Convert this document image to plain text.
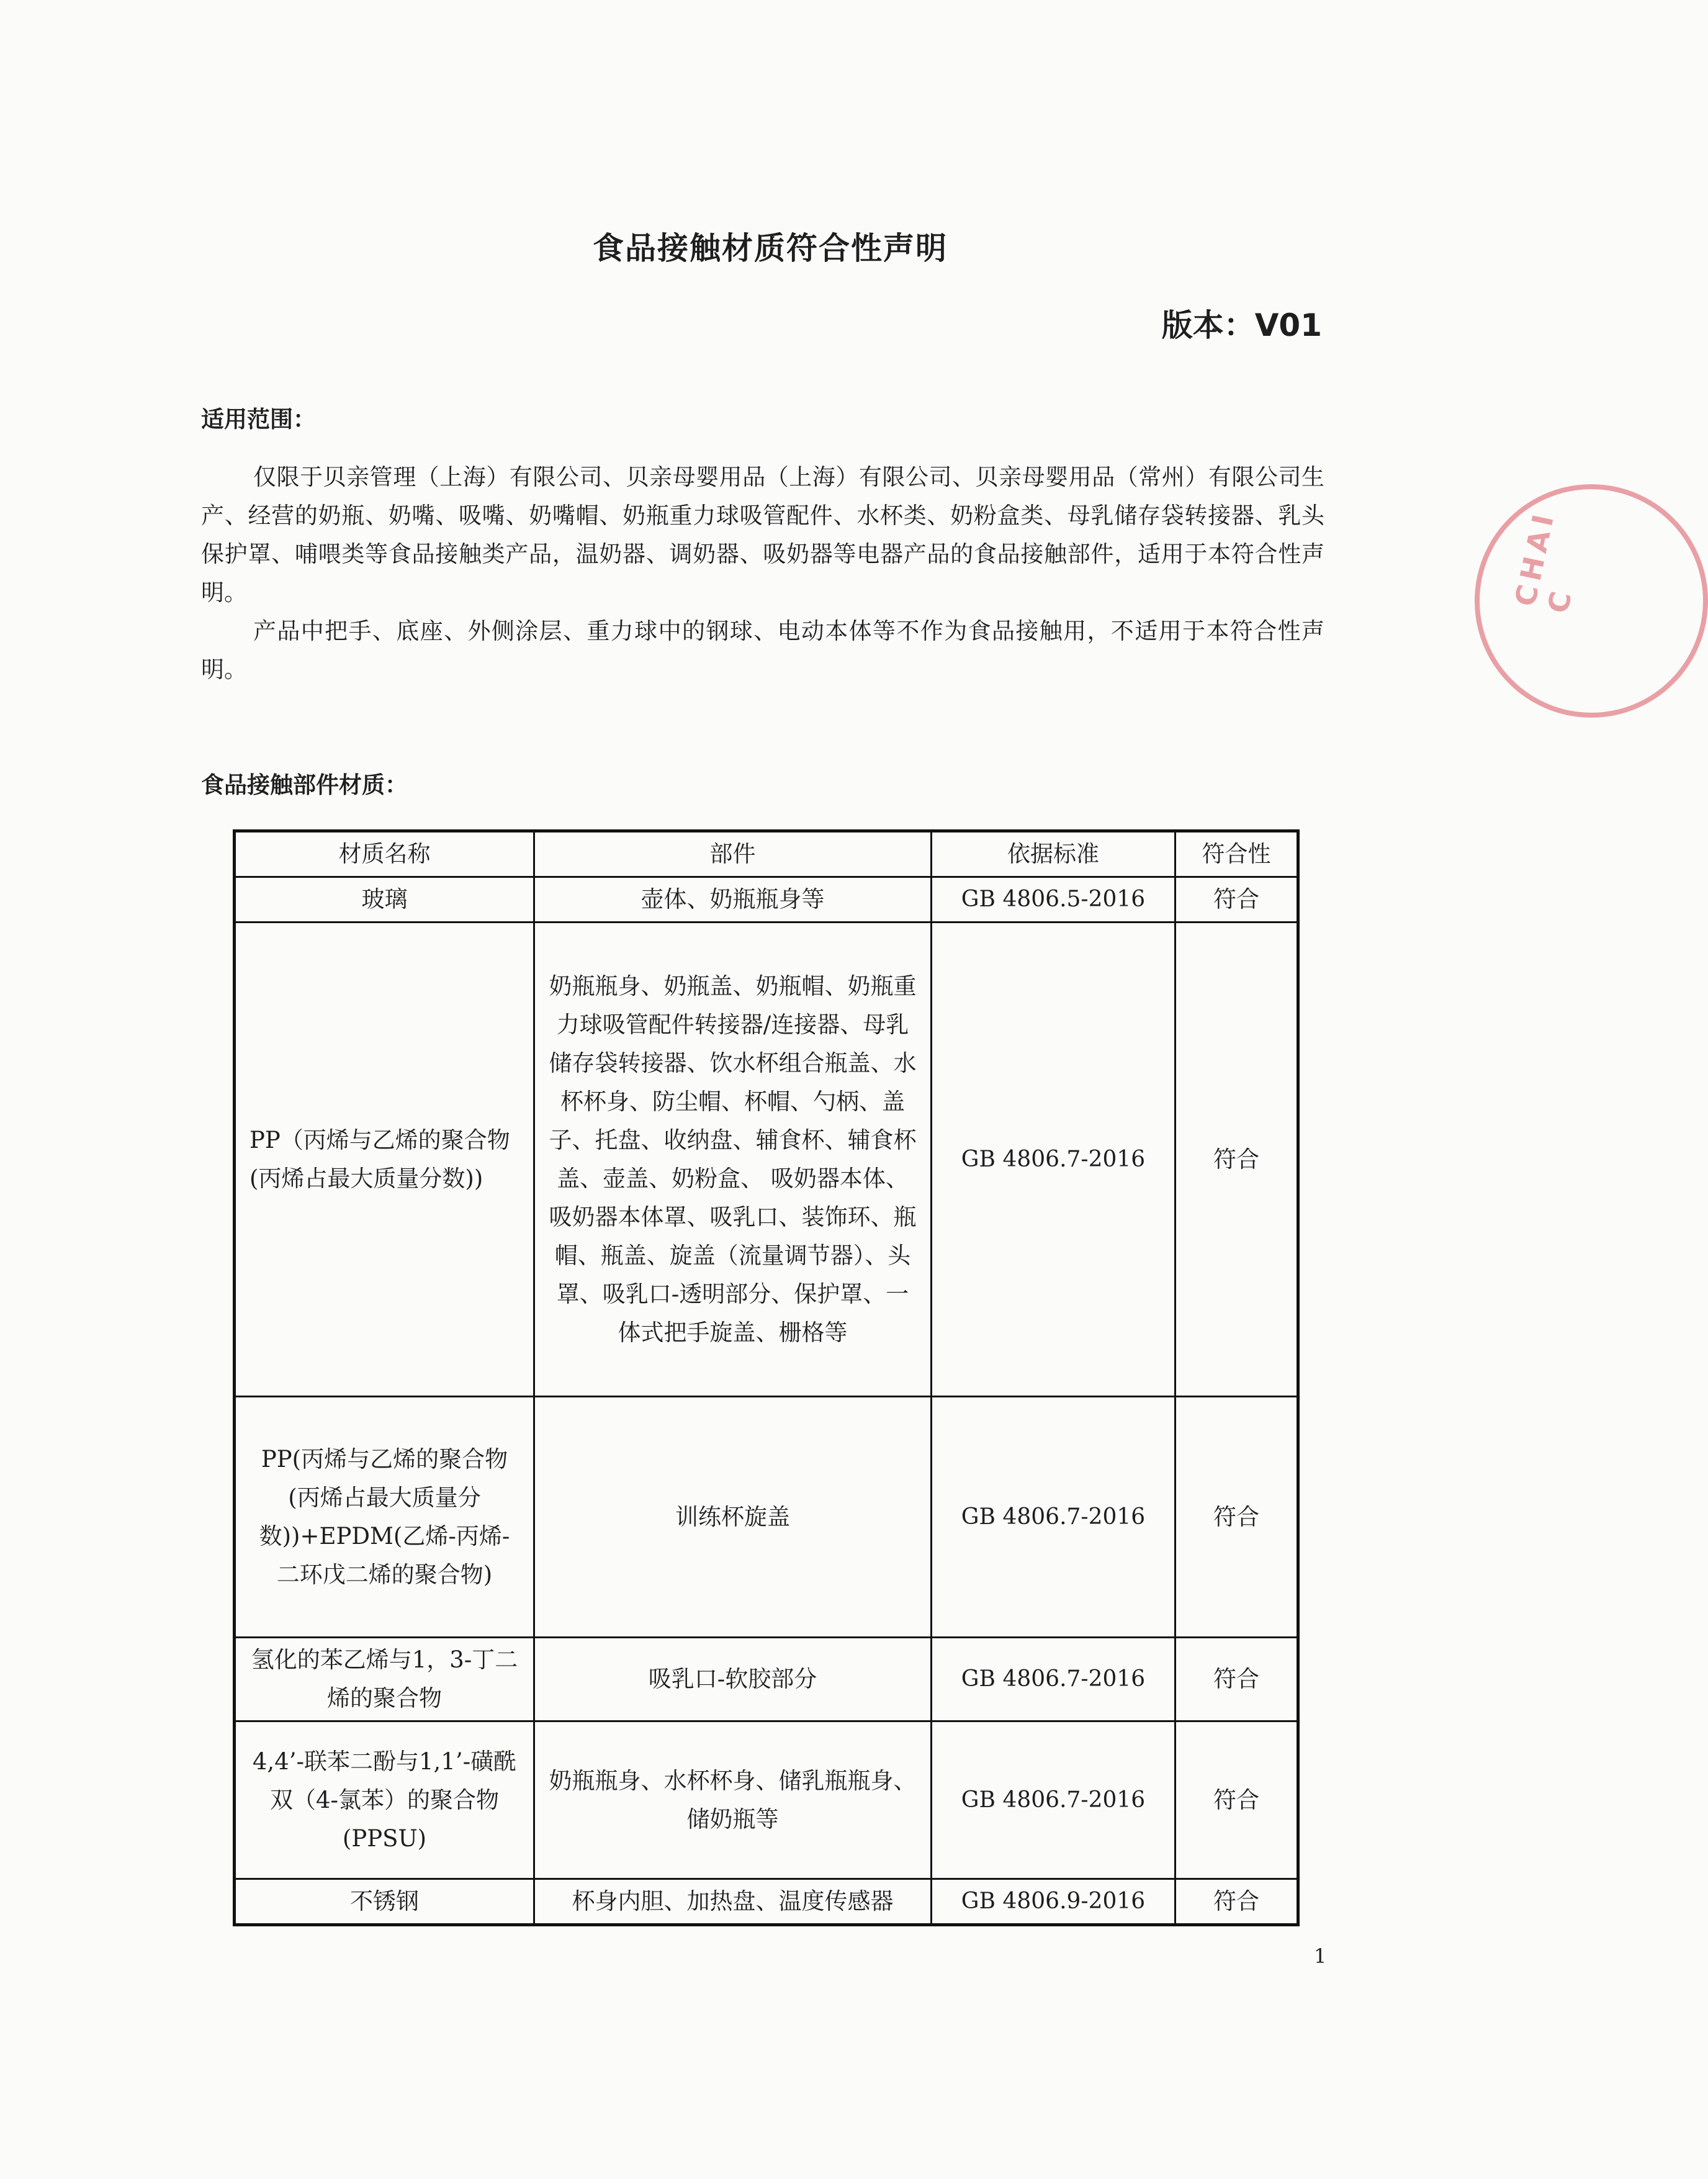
食品接触材质符合性声明
版本：V01
适用范围：

仅限于贝亲管理（上海）有限公司、贝亲母婴用品（上海）有限公司、贝亲母婴用品（常州）有限公司生产、经营的奶瓶、奶嘴、吸嘴、奶嘴帽、奶瓶重力球吸管配件、水杯类、奶粉盒类、母乳储存袋转接器、乳头保护罩、哺喂类等食品接触类产品，温奶器、调奶器、吸奶器等电器产品的食品接触部件，适用于本符合性声明。

产品中把手、底座、外侧涂层、重力球中的钢球、电动本体等不作为食品接触用，不适用于本符合性声明。

食品接触部件材质：
材质名称	部件	依据标准	符合性
玻璃	壶体、奶瓶瓶身等	GB 4806.5-2016	符合
PP（丙烯与乙烯的聚合物(丙烯占最大质量分数))	奶瓶瓶身、奶瓶盖、奶瓶帽、奶瓶重力球吸管配件转接器/连接器、母乳储存袋转接器、饮水杯组合瓶盖、水杯杯身、防尘帽、杯帽、勺柄、盖子、托盘、收纳盘、辅食杯、辅食杯盖、壶盖、奶粉盒、 吸奶器本体、吸奶器本体罩、吸乳口、装饰环、瓶帽、瓶盖、旋盖（流量调节器）、头罩、吸乳口-透明部分、保护罩、一体式把手旋盖、栅格等	GB 4806.7-2016	符合
PP(丙烯与乙烯的聚合物(丙烯占最大质量分数))+EPDM(乙烯-丙烯-二环戊二烯的聚合物)	训练杯旋盖	GB 4806.7-2016	符合
氢化的苯乙烯与1，3-丁二烯的聚合物	吸乳口-软胶部分	GB 4806.7-2016	符合
4,4’-联苯二酚与1,1’-磺酰双（4-氯苯）的聚合物(PPSU)	奶瓶瓶身、水杯杯身、储乳瓶瓶身、储奶瓶等	GB 4806.7-2016	符合
不锈钢	杯身内胆、加热盘、温度传感器	GB 4806.9-2016	符合
1
CHAI C
